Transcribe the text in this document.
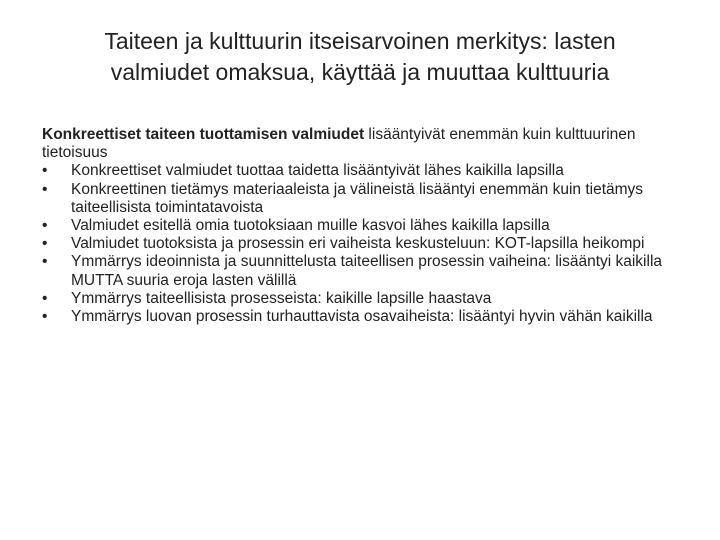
Taiteen ja kulttuurin itseisarvoinen merkitys: lasten
valmiudet omaksua, käyttää ja muuttaa kulttuuria

Konkreettiset taiteen tuottamisen valmiudet lisääntyivät enemmän kuin kulttuurinen tietoisuus

•	Konkreettiset valmiudet tuottaa taidetta lisääntyivät lähes kaikilla lapsilla
•	Konkreettinen tietämys materiaaleista ja välineistä lisääntyi enemmän kuin tietämys taiteellisista toimintatavoista
•	Valmiudet esitellä omia tuotoksiaan muille kasvoi lähes kaikilla lapsilla
•	Valmiudet tuotoksista ja prosessin eri vaiheista keskusteluun: KOT-lapsilla heikompi
•	Ymmärrys ideoinnista ja suunnittelusta taiteellisen prosessin vaiheina: lisääntyi kaikilla MUTTA suuria eroja lasten välillä
•	Ymmärrys taiteellisista prosesseista: kaikille lapsille haastava
•	Ymmärrys luovan prosessin turhauttavista osavaiheista: lisääntyi hyvin vähän kaikilla
